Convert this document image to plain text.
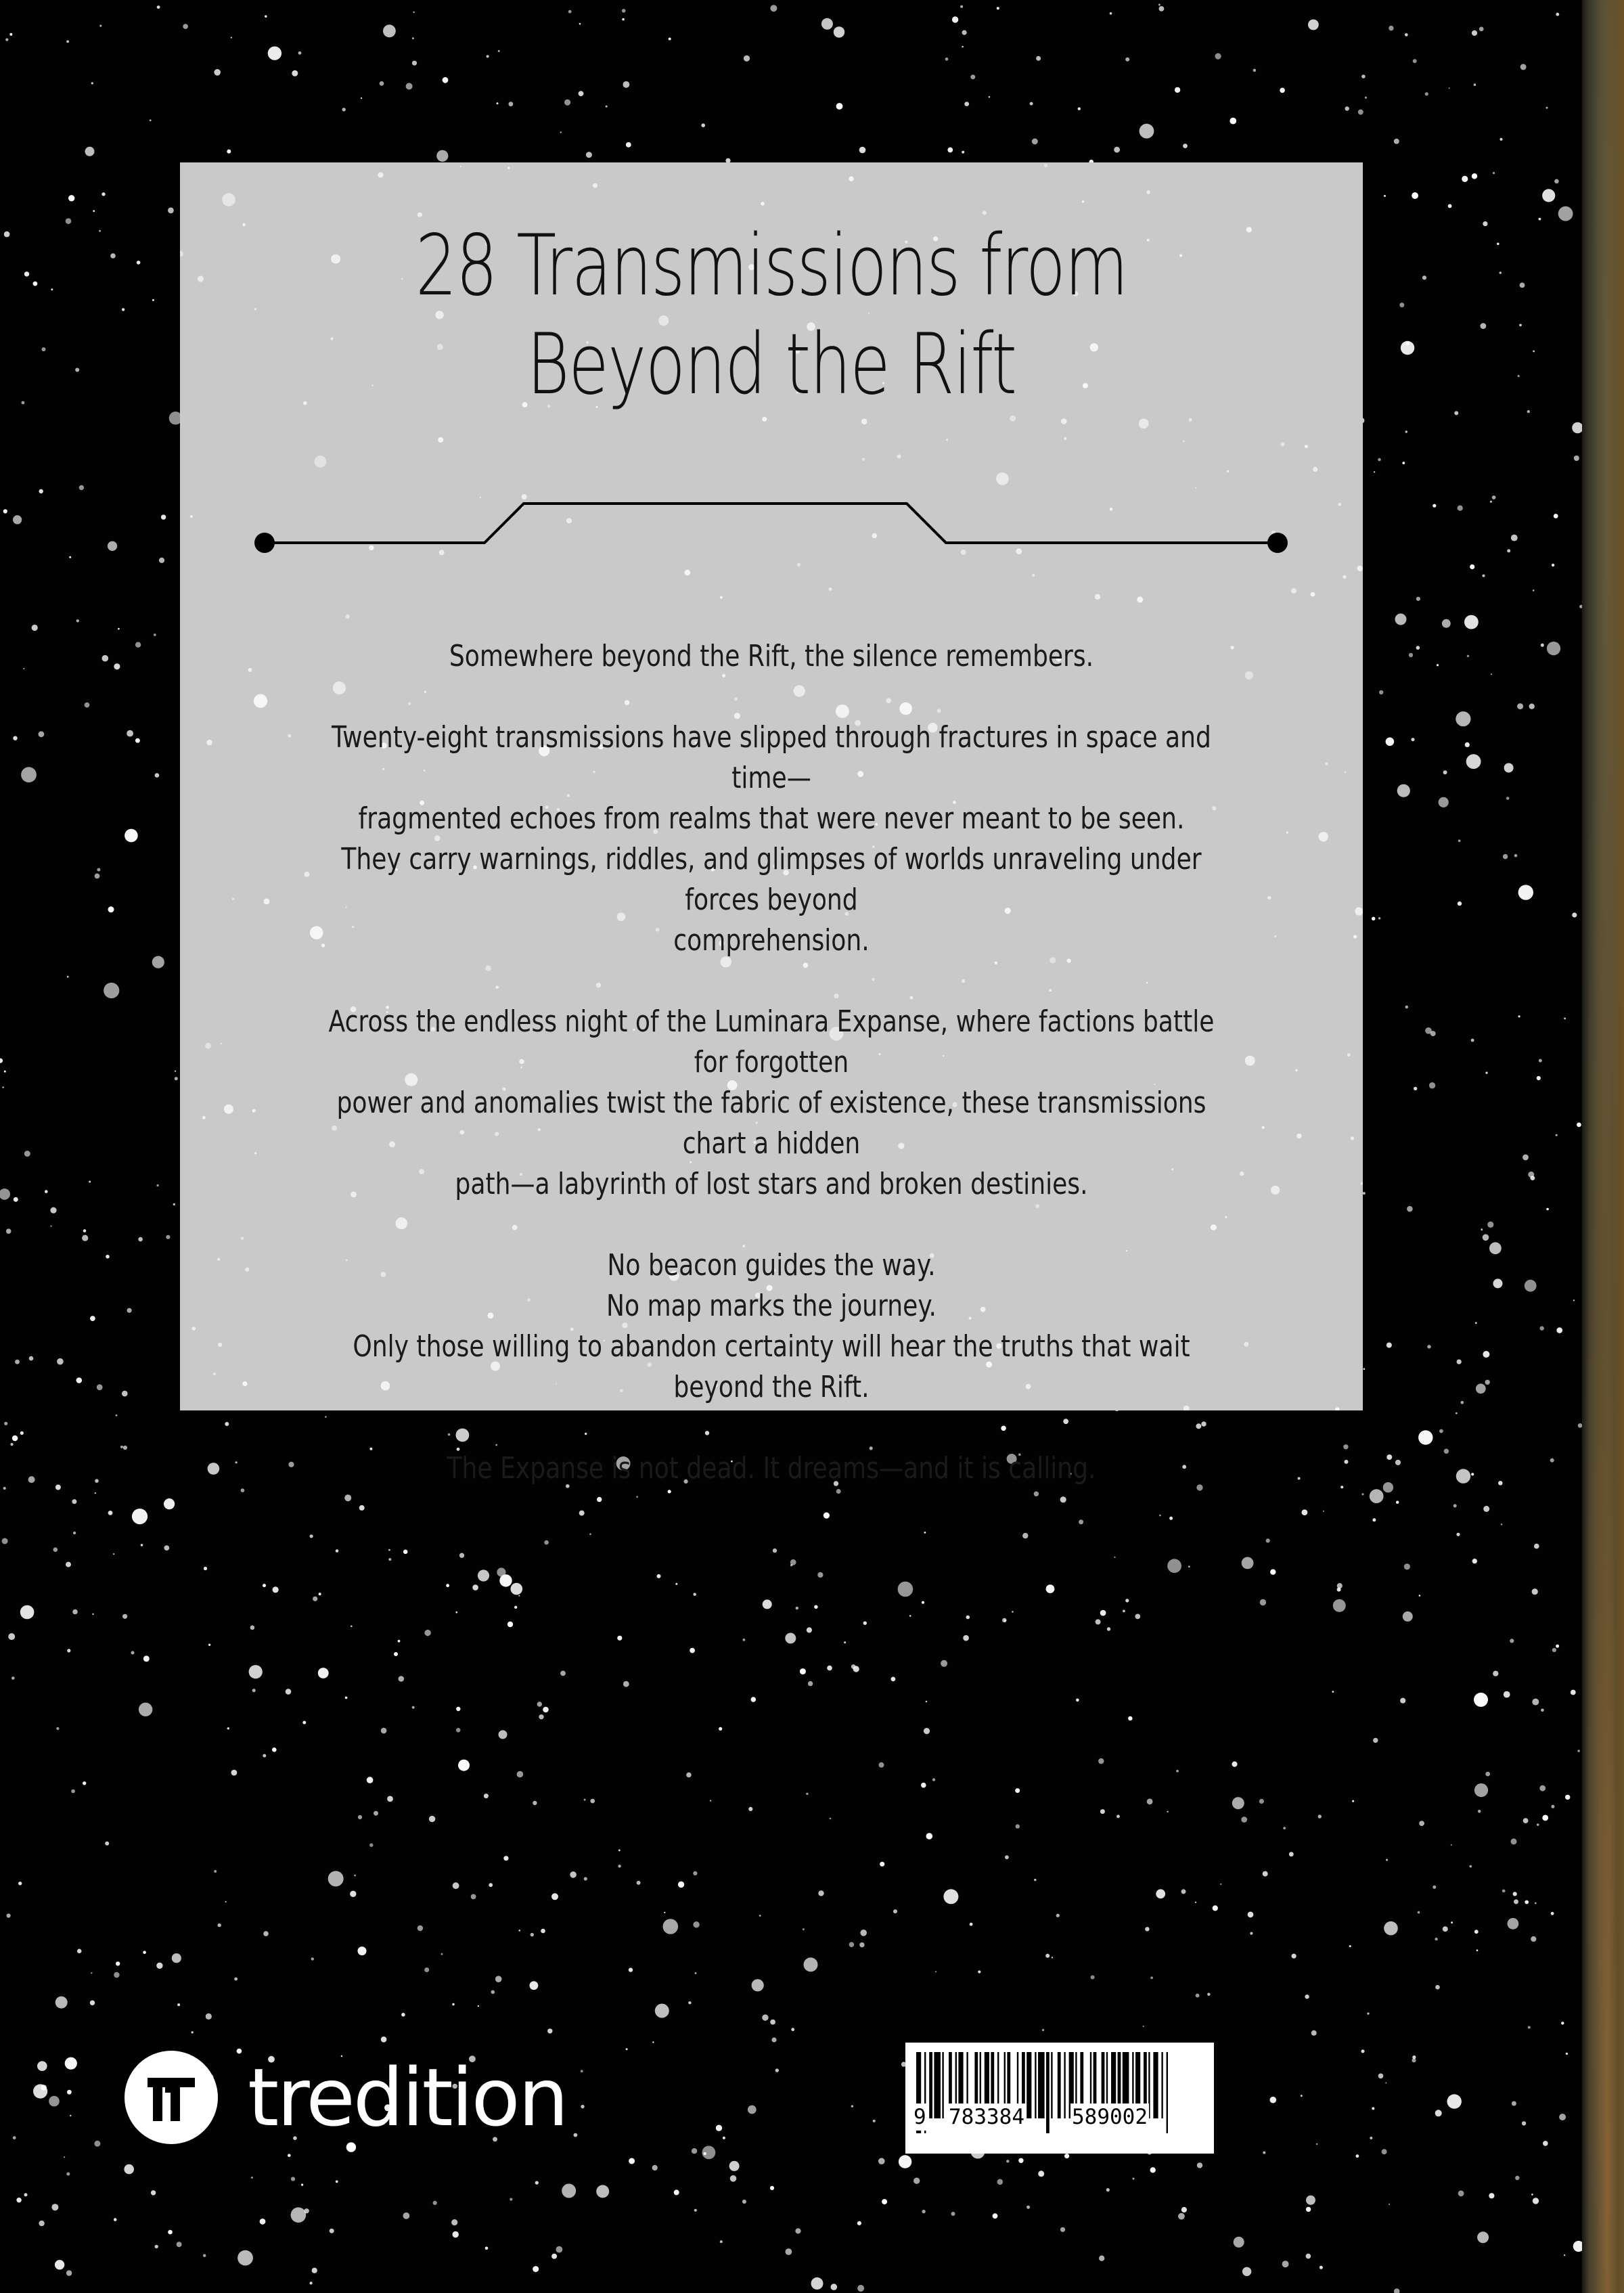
28 Transmissions from
Beyond the Rift

Somewhere beyond the Rift, the silence remembers.

Twenty-eight transmissions have slipped through fractures in space and time—
fragmented echoes from realms that were never meant to be seen.
They carry warnings, riddles, and glimpses of worlds unraveling under forces beyond
comprehension.

Across the endless night of the Luminara Expanse, where factions battle for forgotten
power and anomalies twist the fabric of existence, these transmissions chart a hidden
path—a labyrinth of lost stars and broken destinies.

No beacon guides the way.
No map marks the journey.
Only those willing to abandon certainty will hear the truths that wait beyond the Rift.

The Expanse is not dead. It dreams—and it is calling.

tredition	9 783384 589002
